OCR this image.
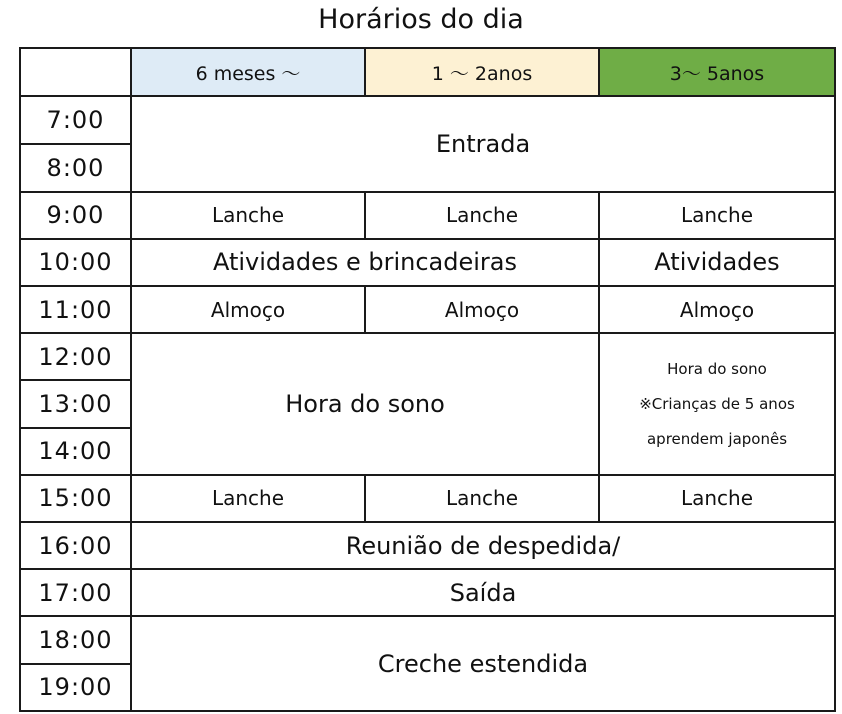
Horários do dia
	6 meses ～	1 ～ 2anos	3～ 5anos
7:00	Entrada		
8:00			
9:00	Lanche	Lanche	Lanche
10:00	Atividades e brincadeiras		Atividades
11:00	Almoço	Almoço	Almoço
12:00	Hora do sono		Hora do sono
※Crianças de 5 anos
aprendem japonês

13:00			
14:00			
15:00	Lanche	Lanche	Lanche
16:00	Reunião de despedida/		
17:00	Saída		
18:00	Creche estendida		
19:00			
